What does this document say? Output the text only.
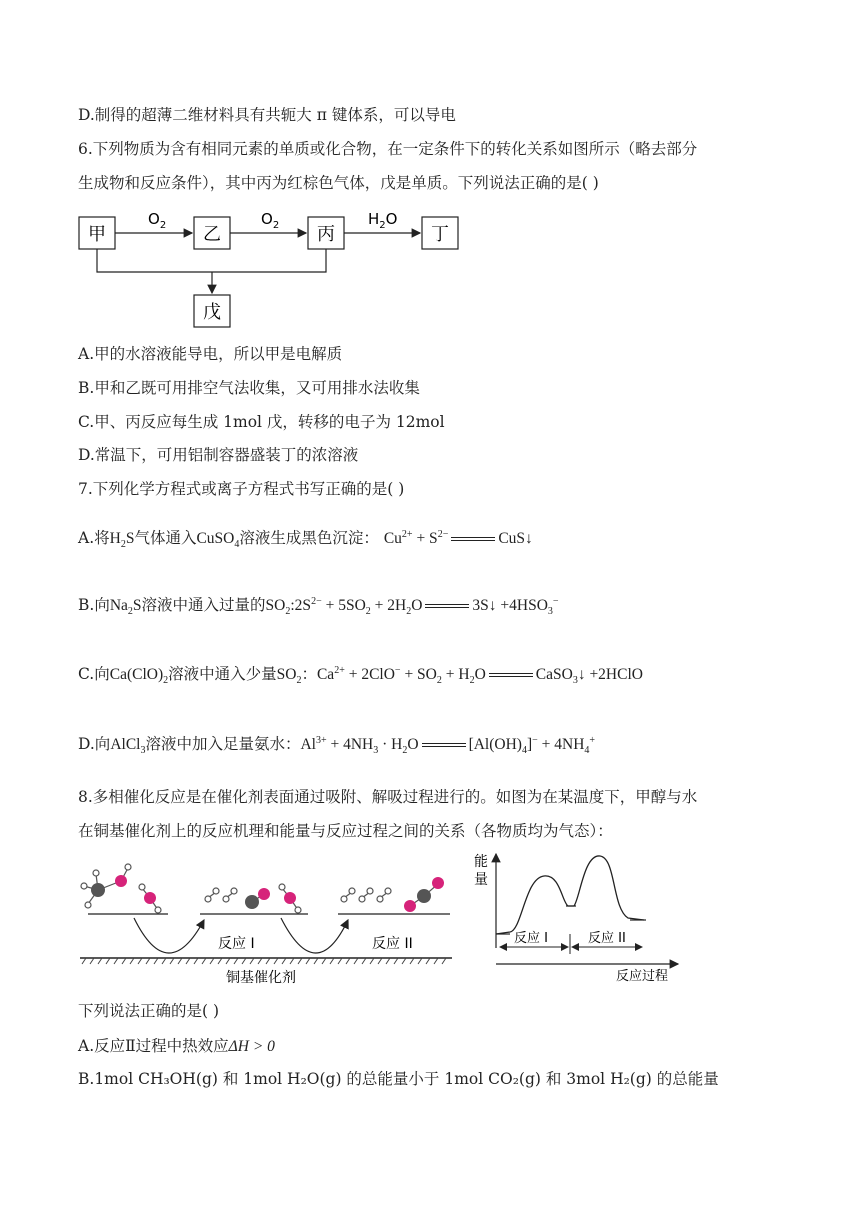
D.制得的超薄二维材料具有共轭大 π 键体系，可以导电
6.下列物质为含有相同元素的单质或化合物，在一定条件下的转化关系如图所示（略去部分
生成物和反应条件），其中丙为红棕色气体，戊是单质。下列说法正确的是( )
甲	乙	丙	丁
戊
$O_2$	$O_2$	$H_2O$
A.甲的水溶液能导电，所以甲是电解质
B.甲和乙既可用排空气法收集，又可用排水法收集
C.甲、丙反应每生成 1mol 戊，转移的电子为 12mol
D.常温下，可用铝制容器盛装丁的浓溶液
7.下列化学方程式或离子方程式书写正确的是( )
A.将$H_2S$气体通入CuSO$_4$溶液生成黑色沉淀： $Cu^{2+} + S^{2-}$	CuS↓
B.向$Na_2S$溶液中通入过量的$SO_2:2S^{2-} + 5SO_2 + 2H_2O$	3S↓ $+4HSO_3^-$
C.向$Ca(ClO)_2$溶液中通入少量$SO_2$：$Ca^{2+} + 2ClO^- + SO_2 + H_2O$	CaSO$_3$↓ +2HClO
D.向AlCl$_3$溶液中加入足量氨水：$Al^{3+} + 4NH_3 \cdot H_2O$	$[Al(OH)_4]^- + 4NH_4^+$
8.多相催化反应是在催化剂表面通过吸附、解吸过程进行的。如图为在某温度下，甲醇与水
在铜基催化剂上的反应机理和能量与反应过程之间的关系（各物质均为气态）：
反应 I	反应 II
铜基催化剂
能
量
反应 I	反应 II
反应过程
下列说法正确的是( )
A.反应Ⅱ过程中热效应ΔH > 0
B.1mol CH₃OH(g) 和 1mol H₂O(g) 的总能量小于 1mol CO₂(g) 和 3mol H₂(g) 的总能量
